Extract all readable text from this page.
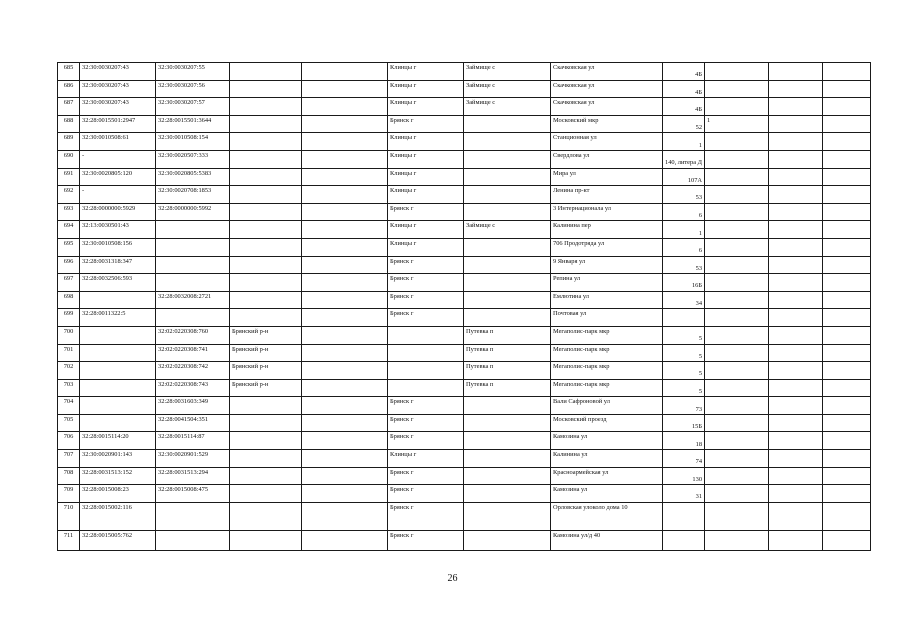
685	32:30:0030207:43	32:30:0030207:55			Клинцы г	Займище с	Скачковская ул	4Б			
686	32:30:0030207:43	32:30:0030207:56			Клинцы г	Займище с	Скачковская ул	4Б			
687	32:30:0030207:43	32:30:0030207:57			Клинцы г	Займище с	Скачковская ул	4Б			
688	32:28:0015501:2947	32:28:0015501:3644			Брянск г		Московский мкр	52	1		
689	32:30:0010508:61	32:30:0010508:154			Клинцы г		Станционная ул	1			
690	-	32:30:0020507:333			Клинцы г		Свердлова ул	140, литера Д			
691	32:30:0020805:120	32:30:0020805:5383			Клинцы г		Мира ул	107А			
692	-	32:30:0020708:1853			Клинцы г		Ленина пр-кт	53			
693	32:28:0000000:5929	32:28:0000000:5992			Брянск г		3 Интернационала ул	6			
694	32:13:0030501:43				Клинцы г	Займище с	Калинина пер	1			
695	32:30:0010508:156				Клинцы г		706 Продотряда ул	6			
696	32:28:0031318:347				Брянск г		9 Января ул	53			
697	32:28:0032506:593				Брянск г		Репина ул	16Б			
698		32:28:0032008:2721			Брянск г		Емлютина ул	34			
699	32:28:0011322:5				Брянск г		Почтовая ул				
700		32:02:0220308:760	Брянский р-н			Путевка п	Мегаполис-парк мкр	5			
701		32:02:0220308:741	Брянский р-н			Путевка п	Мегаполис-парк мкр	5			
702		32:02:0220308:742	Брянский р-н			Путевка п	Мегаполис-парк мкр	5			
703		32:02:0220308:743	Брянский р-н			Путевка п	Мегаполис-парк мкр	5			
704		32:28:0031603:349			Брянск г		Вали Сафроновой ул	73			
705		32:28:0041504:351			Брянск г		Московский проезд	15Б			
706	32:28:0015114:20	32:28:0015114:87			Брянск г		Камозина ул	18			
707	32:30:0020901:143	32:30:0020901:529			Клинцы г		Калинина ул	74			
708	32:28:0031513:152	32:28:0031513:294			Брянск г		Красноармейская ул	130			
709	32:28:0015008:23	32:28:0015008:475			Брянск г		Камозина ул	31			
710	32:28:0015002:116				Брянск г		Орловская улоколо дома 10				
711	32:28:0015005:762				Брянск г		Камозина ул/д 40				
26
